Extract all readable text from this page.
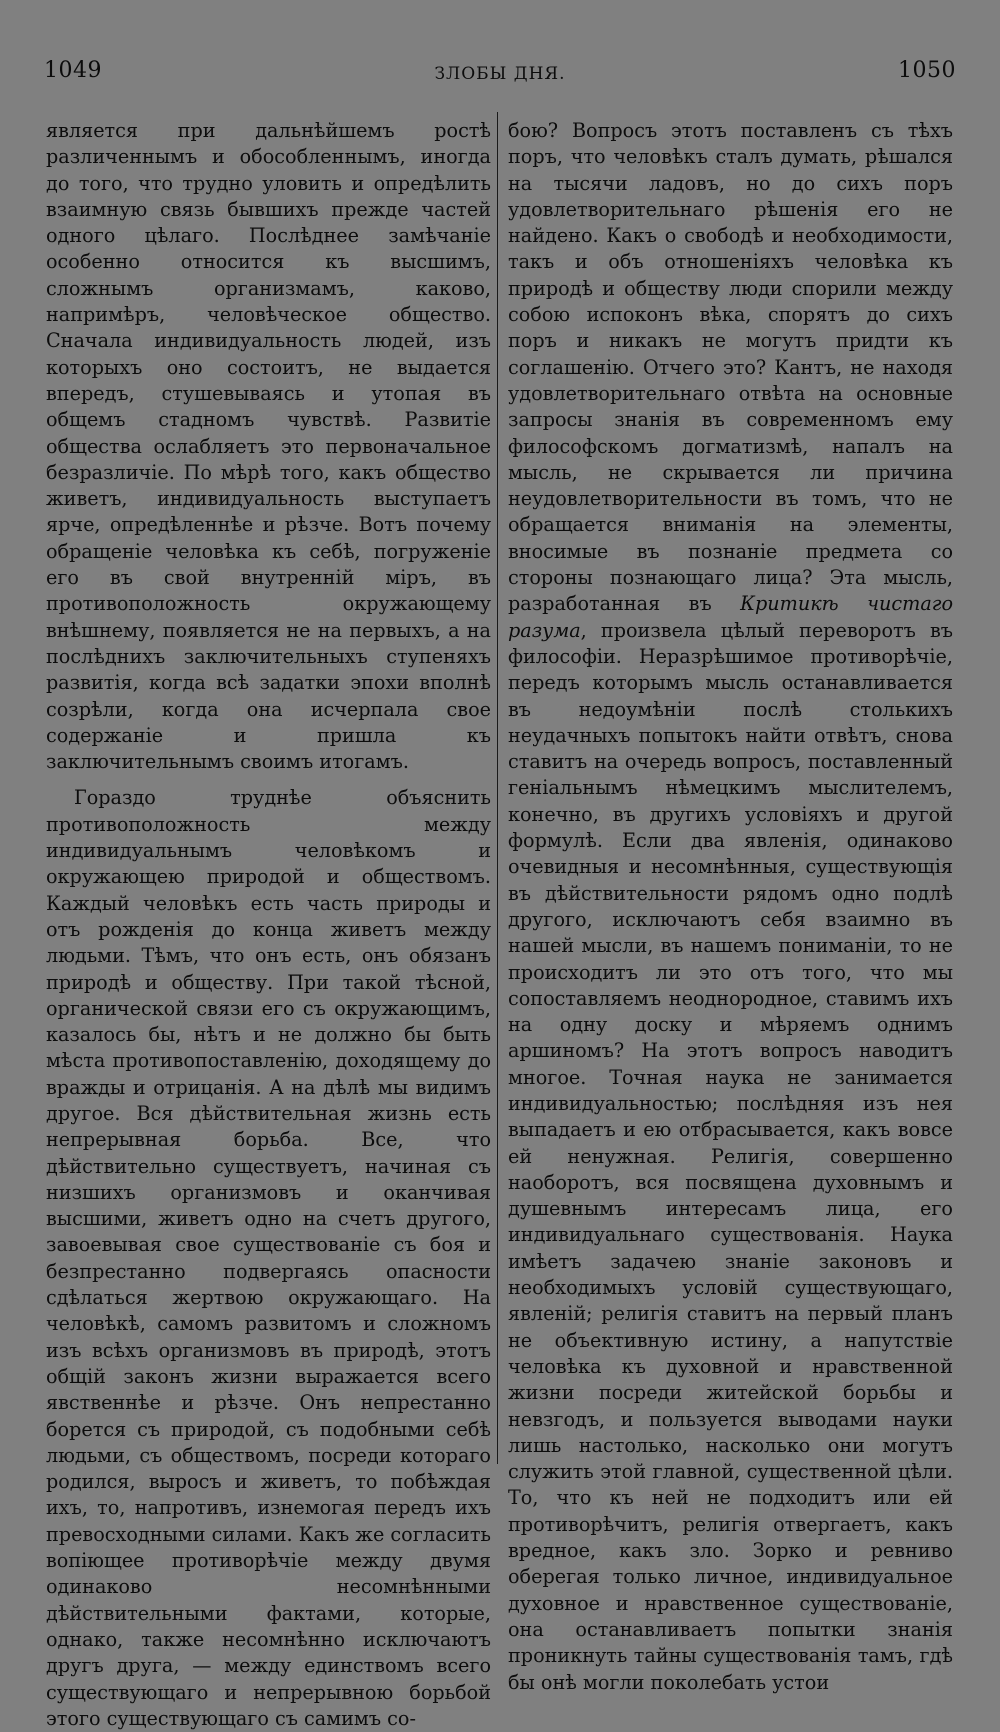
1049	ЗЛОБЫ ДНЯ.	1050

является при дальнѣйшемъ ростѣ различеннымъ и обособленнымъ, иногда до того, что трудно уловить и опредѣлить взаимную связь бывшихъ прежде частей одного цѣлаго. Послѣднее замѣчаніе особенно относится къ высшимъ, сложнымъ организмамъ, каково, напримѣръ, человѣческое общество. Сначала индивидуальность людей, изъ которыхъ оно состоитъ, не выдается впередъ, стушевываясь и утопая въ общемъ стадномъ чувствѣ. Развитіе общества ослабляетъ это первоначальное безразличіе. По мѣрѣ того, какъ общество живетъ, индивидуальность выступаетъ ярче, опредѣленнѣе и рѣзче. Вотъ почему обращеніе человѣка къ себѣ, погруженіе его въ свой внутренній міръ, въ противоположность окружающему внѣшнему, появляется не на первыхъ, а на послѣднихъ заключительныхъ ступеняхъ развитія, когда всѣ задатки эпохи вполнѣ созрѣли, когда она исчерпала свое содержаніе и пришла къ заключительнымъ своимъ итогамъ.

Гораздо труднѣе объяснить противоположность между индивидуальнымъ человѣкомъ и окружающею природой и обществомъ. Каждый человѣкъ есть часть природы и отъ рожденія до конца живетъ между людьми. Тѣмъ, что онъ есть, онъ обязанъ природѣ и обществу. При такой тѣсной, органической связи его съ окружающимъ, казалось бы, нѣтъ и не должно бы быть мѣста противопоставленію, доходящему до вражды и отрицанія. А на дѣлѣ мы видимъ другое. Вся дѣйствительная жизнь есть непрерывная борьба. Все, что дѣйствительно существуетъ, начиная съ низшихъ организмовъ и оканчивая высшими, живетъ одно на счетъ другого, завоевывая свое существованіе съ боя и безпрестанно подвергаясь опасности сдѣлаться жертвою окружающаго. На человѣкѣ, самомъ развитомъ и сложномъ изъ всѣхъ организмовъ въ природѣ, этотъ общій законъ жизни выражается всего явственнѣе и рѣзче. Онъ непрестанно борется съ природой, съ подобными себѣ людьми, съ обществомъ, посреди котораго родился, выросъ и живетъ, то побѣждая ихъ, то, напротивъ, изнемогая передъ ихъ превосходными силами. Какъ же согласить вопіющее противорѣчіе между двумя одинаково несомнѣнными дѣйствительными фактами, которые, однако, также несомнѣнно исключаютъ другъ друга, — между единствомъ всего существующаго и непрерывною борьбой этого существующаго съ самимъ со-

бою? Вопросъ этотъ поставленъ съ тѣхъ поръ, что человѣкъ сталъ думать, рѣшался на тысячи ладовъ, но до сихъ поръ удовлетворительнаго рѣшенія его не найдено. Какъ о свободѣ и необходимости, такъ и объ отношеніяхъ человѣка къ природѣ и обществу люди спорили между собою испоконъ вѣка, спорятъ до сихъ поръ и никакъ не могутъ придти къ соглашенію. Отчего это? Кантъ, не находя удовлетворительнаго отвѣта на основные запросы знанія въ современномъ ему философскомъ догматизмѣ, напалъ на мысль, не скрывается ли причина неудовлетворительности въ томъ, что не обращается вниманія на элементы, вносимые въ познаніе предмета со стороны познающаго лица? Эта мысль, разработанная въ Критикѣ чистаго разума, произвела цѣлый переворотъ въ философіи. Неразрѣшимое противорѣчіе, передъ которымъ мысль останавливается въ недоумѣніи послѣ столькихъ неудачныхъ попытокъ найти отвѣтъ, снова ставитъ на очередь вопросъ, поставленный геніальнымъ нѣмецкимъ мыслителемъ, конечно, въ другихъ условіяхъ и другой формулѣ. Если два явленія, одинаково очевидныя и несомнѣнныя, существующія въ дѣйствительности рядомъ одно подлѣ другого, исключаютъ себя взаимно въ нашей мысли, въ нашемъ пониманіи, то не происходитъ ли это отъ того, что мы сопоставляемъ неоднородное, ставимъ ихъ на одну доску и мѣряемъ однимъ аршиномъ? На этотъ вопросъ наводитъ многое. Точная наука не занимается индивидуальностью; послѣдняя изъ нея выпадаетъ и ею отбрасывается, какъ вовсе ей ненужная. Религія, совершенно наоборотъ, вся посвящена духовнымъ и душевнымъ интересамъ лица, его индивидуальнаго существованія. Наука имѣетъ задачею знаніе законовъ и необходимыхъ условій существующаго, явленій; религія ставитъ на первый планъ не объективную истину, а напутствіе человѣка къ духовной и нравственной жизни посреди житейской борьбы и невзгодъ, и пользуется выводами науки лишь настолько, насколько они могутъ служить этой главной, существенной цѣли. То, что къ ней не подходитъ или ей противорѣчитъ, религія отвергаетъ, какъ вредное, какъ зло. Зорко и ревниво оберегая только личное, индивидуальное духовное и нравственное существованіе, она останавливаетъ попытки знанія проникнуть тайны существованія тамъ, гдѣ бы онѣ могли поколебать устои
